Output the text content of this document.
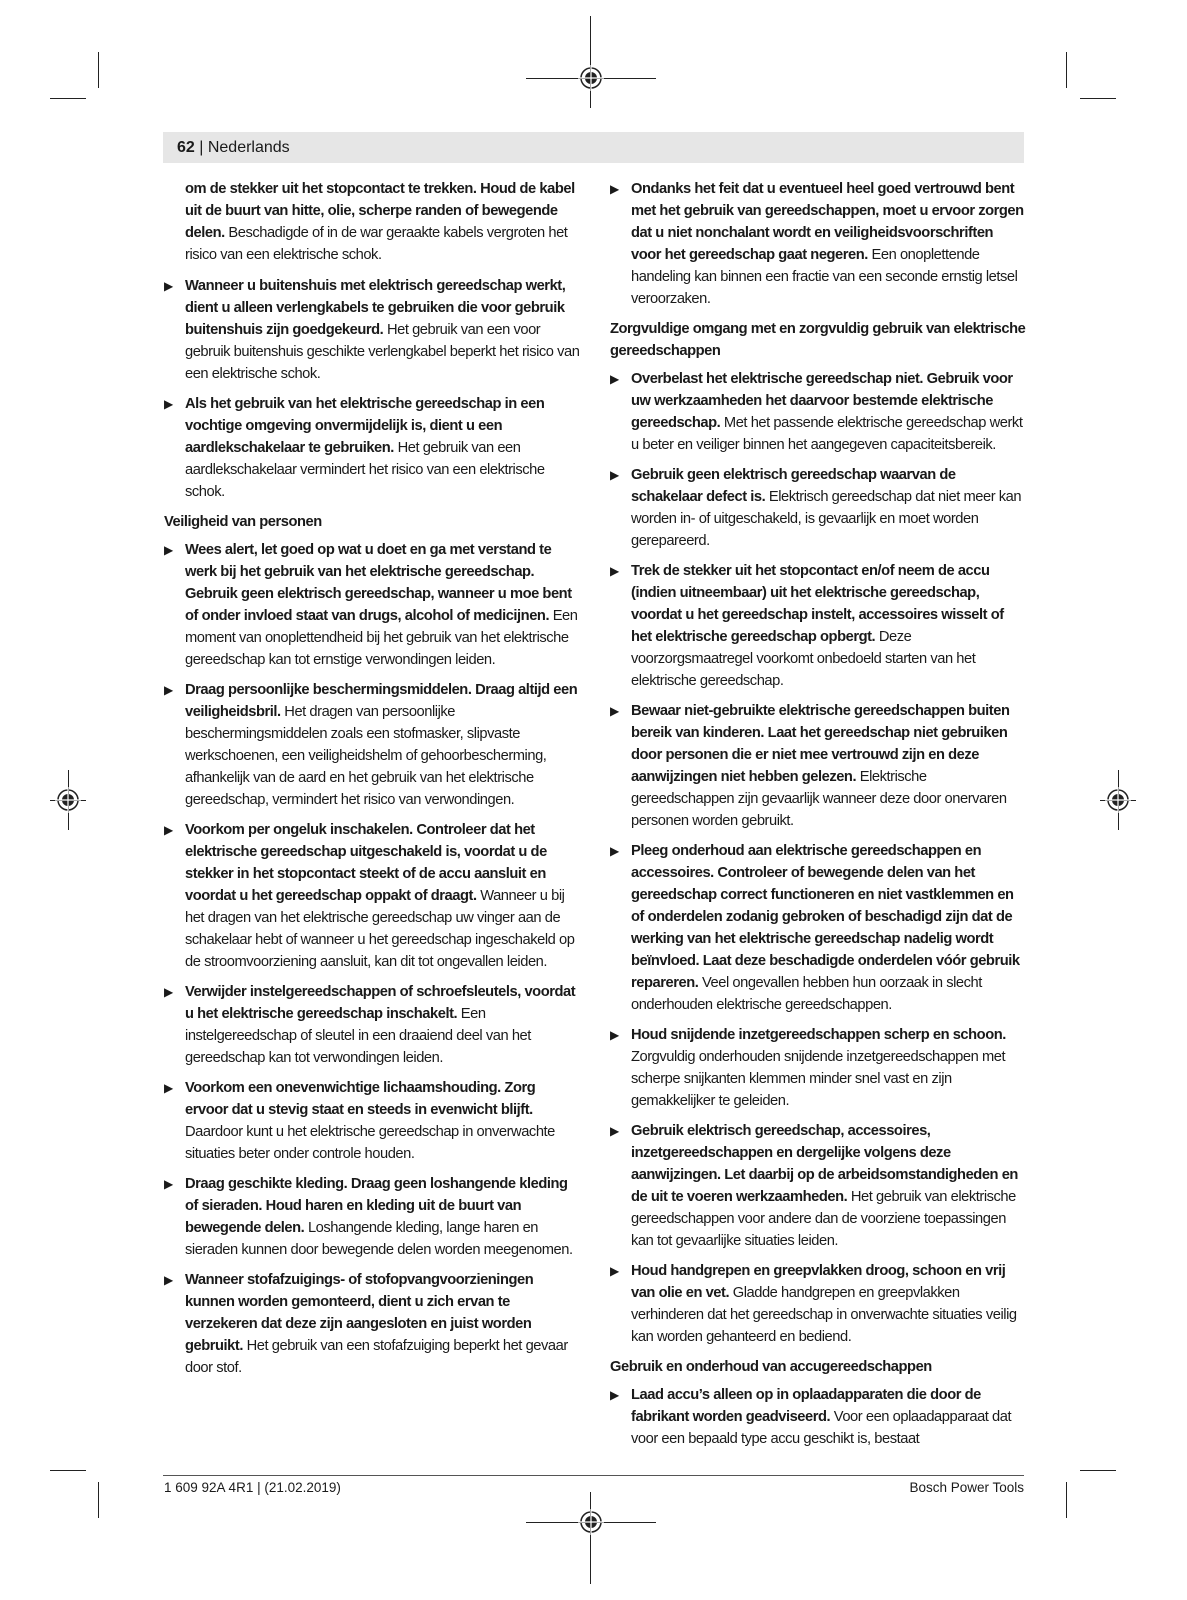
62 | Nederlands
om de stekker uit het stopcontact te trekken. Houd de kabel uit de buurt van hitte, olie, scherpe randen of bewegende delen. Beschadigde of in de war geraakte kabels vergroten het risico van een elektrische schok.
▶ Wanneer u buitenshuis met elektrisch gereedschap werkt, dient u alleen verlengkabels te gebruiken die voor gebruik buitenshuis zijn goedgekeurd. Het gebruik van een voor gebruik buitenshuis geschikte verlengkabel beperkt het risico van een elektrische schok.
▶ Als het gebruik van het elektrische gereedschap in een vochtige omgeving onvermijdelijk is, dient u een aardlekschakelaar te gebruiken. Het gebruik van een aardlekschakelaar vermindert het risico van een elektrische schok.
Veiligheid van personen
▶ Wees alert, let goed op wat u doet en ga met verstand te werk bij het gebruik van het elektrische gereedschap. Gebruik geen elektrisch gereedschap, wanneer u moe bent of onder invloed staat van drugs, alcohol of medicijnen. Een moment van onoplettendheid bij het gebruik van het elektrische gereedschap kan tot ernstige verwondingen leiden.
▶ Draag persoonlijke beschermingsmiddelen. Draag altijd een veiligheidsbril. Het dragen van persoonlijke beschermingsmiddelen zoals een stofmasker, slipvaste werkschoenen, een veiligheidshelm of gehoorbescherming, afhankelijk van de aard en het gebruik van het elektrische gereedschap, vermindert het risico van verwondingen.
▶ Voorkom per ongeluk inschakelen. Controleer dat het elektrische gereedschap uitgeschakeld is, voordat u de stekker in het stopcontact steekt of de accu aansluit en voordat u het gereedschap oppakt of draagt. Wanneer u bij het dragen van het elektrische gereedschap uw vinger aan de schakelaar hebt of wanneer u het gereedschap ingeschakeld op de stroomvoorziening aansluit, kan dit tot ongevallen leiden.
▶ Verwijder instelgereedschappen of schroefsleutels, voordat u het elektrische gereedschap inschakelt. Een instelgereedschap of sleutel in een draaiend deel van het gereedschap kan tot verwondingen leiden.
▶ Voorkom een onevenwichtige lichaamshouding. Zorg ervoor dat u stevig staat en steeds in evenwicht blijft. Daardoor kunt u het elektrische gereedschap in onverwachte situaties beter onder controle houden.
▶ Draag geschikte kleding. Draag geen loshangende kleding of sieraden. Houd haren en kleding uit de buurt van bewegende delen. Loshangende kleding, lange haren en sieraden kunnen door bewegende delen worden meegenomen.
▶ Wanneer stofafzuigings- of stofopvangvoorzieningen kunnen worden gemonteerd, dient u zich ervan te verzekeren dat deze zijn aangesloten en juist worden gebruikt. Het gebruik van een stofafzuiging beperkt het gevaar door stof.
▶ Ondanks het feit dat u eventueel heel goed vertrouwd bent met het gebruik van gereedschappen, moet u ervoor zorgen dat u niet nonchalant wordt en veiligheidsvoorschriften voor het gereedschap gaat negeren. Een onoplettende handeling kan binnen een fractie van een seconde ernstig letsel veroorzaken.
Zorgvuldige omgang met en zorgvuldig gebruik van elektrische gereedschappen
▶ Overbelast het elektrische gereedschap niet. Gebruik voor uw werkzaamheden het daarvoor bestemde elektrische gereedschap. Met het passende elektrische gereedschap werkt u beter en veiliger binnen het aangegeven capaciteitsbereik.
▶ Gebruik geen elektrisch gereedschap waarvan de schakelaar defect is. Elektrisch gereedschap dat niet meer kan worden in- of uitgeschakeld, is gevaarlijk en moet worden gerepareerd.
▶ Trek de stekker uit het stopcontact en/of neem de accu (indien uitneembaar) uit het elektrische gereedschap, voordat u het gereedschap instelt, accessoires wisselt of het elektrische gereedschap opbergt. Deze voorzorgsmaatregel voorkomt onbedoeld starten van het elektrische gereedschap.
▶ Bewaar niet-gebruikte elektrische gereedschappen buiten bereik van kinderen. Laat het gereedschap niet gebruiken door personen die er niet mee vertrouwd zijn en deze aanwijzingen niet hebben gelezen. Elektrische gereedschappen zijn gevaarlijk wanneer deze door onervaren personen worden gebruikt.
▶ Pleeg onderhoud aan elektrische gereedschappen en accessoires. Controleer of bewegende delen van het gereedschap correct functioneren en niet vastklemmen en of onderdelen zodanig gebroken of beschadigd zijn dat de werking van het elektrische gereedschap nadelig wordt beïnvloed. Laat deze beschadigde onderdelen vóór gebruik repareren. Veel ongevallen hebben hun oorzaak in slecht onderhouden elektrische gereedschappen.
▶ Houd snijdende inzetgereedschappen scherp en schoon. Zorgvuldig onderhouden snijdende inzetgereedschappen met scherpe snijkanten klemmen minder snel vast en zijn gemakkelijker te geleiden.
▶ Gebruik elektrisch gereedschap, accessoires, inzetgereedschappen en dergelijke volgens deze aanwijzingen. Let daarbij op de arbeidsomstandigheden en de uit te voeren werkzaamheden. Het gebruik van elektrische gereedschappen voor andere dan de voorziene toepassingen kan tot gevaarlijke situaties leiden.
▶ Houd handgrepen en greepvlakken droog, schoon en vrij van olie en vet. Gladde handgrepen en greepvlakken verhinderen dat het gereedschap in onverwachte situaties veilig kan worden gehanteerd en bediend.
Gebruik en onderhoud van accugereedschappen
▶ Laad accu’s alleen op in oplaadapparaten die door de fabrikant worden geadviseerd. Voor een oplaadapparaat dat voor een bepaald type accu geschikt is, bestaat
1 609 92A 4R1 | (21.02.2019)	Bosch Power Tools
